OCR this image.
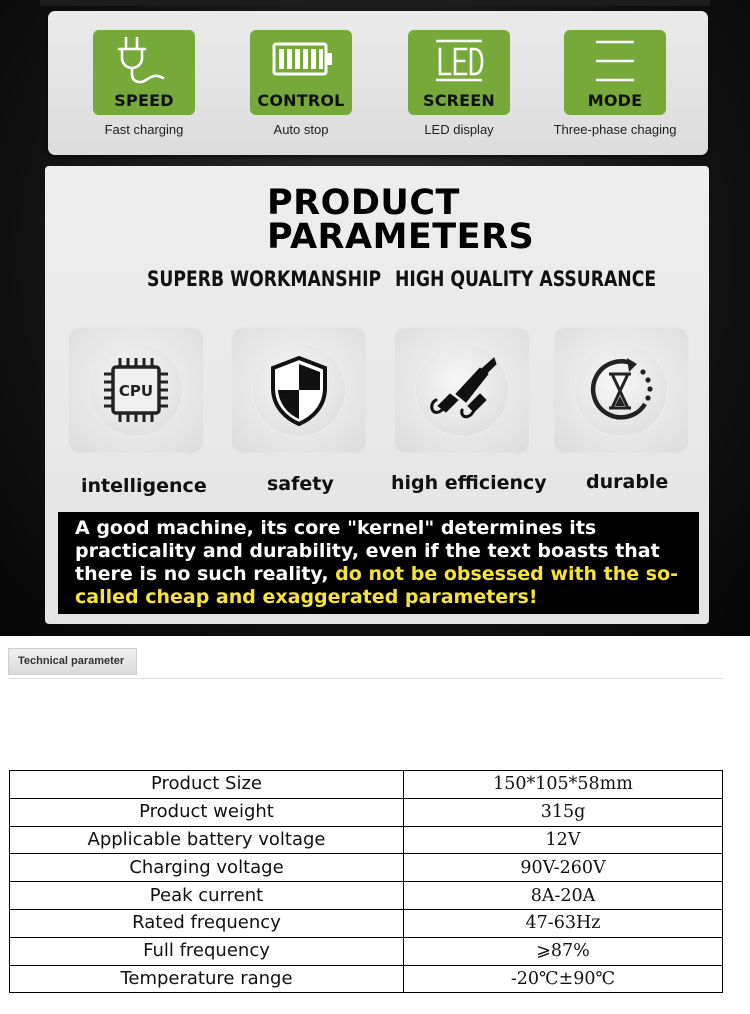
SPEED
Fast charging
CONTROL
Auto stop
SCREEN
LED display
MODE
Three-phase chaging
PRODUCT
PARAMETERS
SUPERB WORKMANSHIP HIGH QUALITY ASSURANCE
CPU
intelligence	safety	high efficiency durable
A good machine, its core "kernel" determines its practicality and durability, even if the text boasts that there is no such reality, do not be obsessed with the so-called cheap and exaggerated parameters!
Technical parameter
Product Size	150*105*58mm
Product weight	315g
Applicable battery voltage	12V
Charging voltage	90V-260V
Peak current	8A-20A
Rated frequency	47-63Hz
Full frequency	⩾87%
Temperature range	-20℃±90℃
